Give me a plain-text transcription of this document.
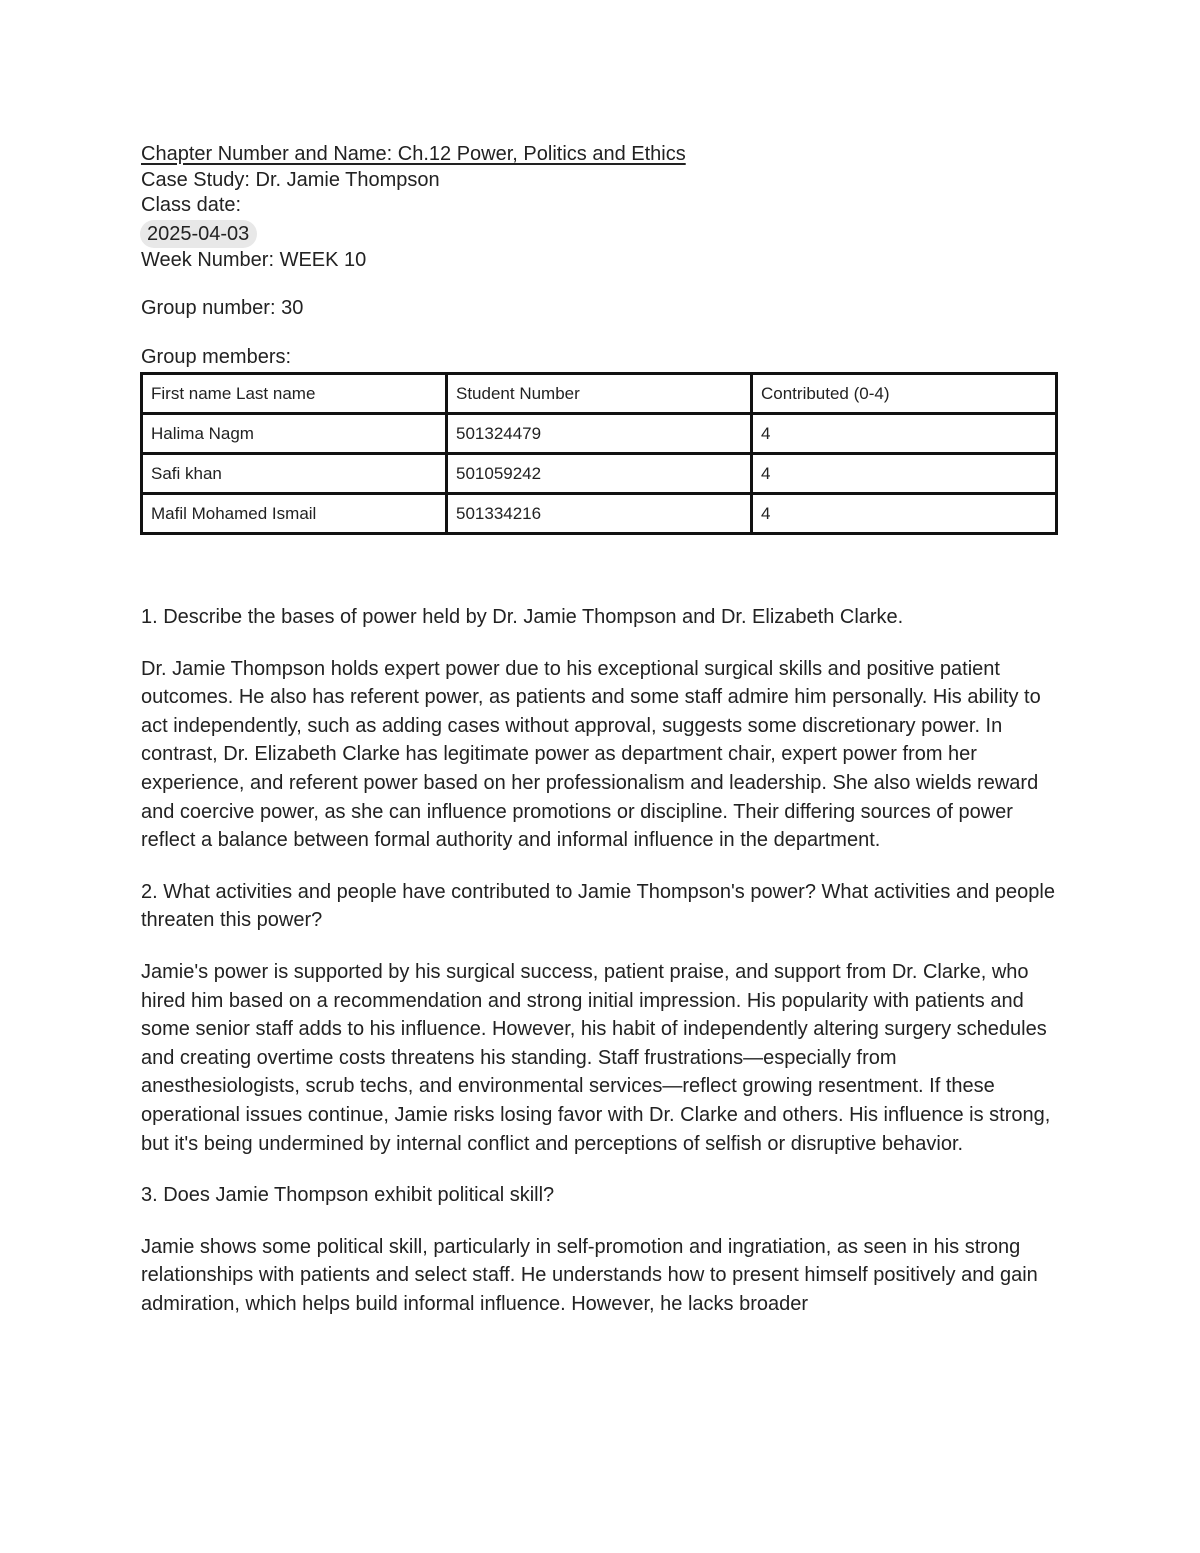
Chapter Number and Name: Ch.12 Power, Politics and Ethics
Case Study: Dr. Jamie Thompson
Class date:
2025-04-03
Week Number: WEEK 10
Group number: 30
Group members:
First name Last name	Student Number	Contributed (0-4)
Halima Nagm	501324479	4
Safi khan	501059242	4
Mafil Mohamed Ismail	501334216	4

1. Describe the bases of power held by Dr. Jamie Thompson and Dr. Elizabeth Clarke.

Dr. Jamie Thompson holds expert power due to his exceptional surgical skills and positive patient outcomes. He also has referent power, as patients and some staff admire him personally. His ability to act independently, such as adding cases without approval, suggests some discretionary power. In contrast, Dr. Elizabeth Clarke has legitimate power as department chair, expert power from her experience, and referent power based on her professionalism and leadership. She also wields reward and coercive power, as she can influence promotions or discipline. Their differing sources of power reflect a balance between formal authority and informal influence in the department.

2. What activities and people have contributed to Jamie Thompson's power? What activities and people threaten this power?

Jamie's power is supported by his surgical success, patient praise, and support from Dr. Clarke, who hired him based on a recommendation and strong initial impression. His popularity with patients and some senior staff adds to his influence. However, his habit of independently altering surgery schedules and creating overtime costs threatens his standing. Staff frustrations—especially from anesthesiologists, scrub techs, and environmental services—reflect growing resentment. If these operational issues continue, Jamie risks losing favor with Dr. Clarke and others. His influence is strong, but it's being undermined by internal conflict and perceptions of selfish or disruptive behavior.

3. Does Jamie Thompson exhibit political skill?

Jamie shows some political skill, particularly in self-promotion and ingratiation, as seen in his strong relationships with patients and select staff. He understands how to present himself positively and gain admiration, which helps build informal influence. However, he lacks broader
